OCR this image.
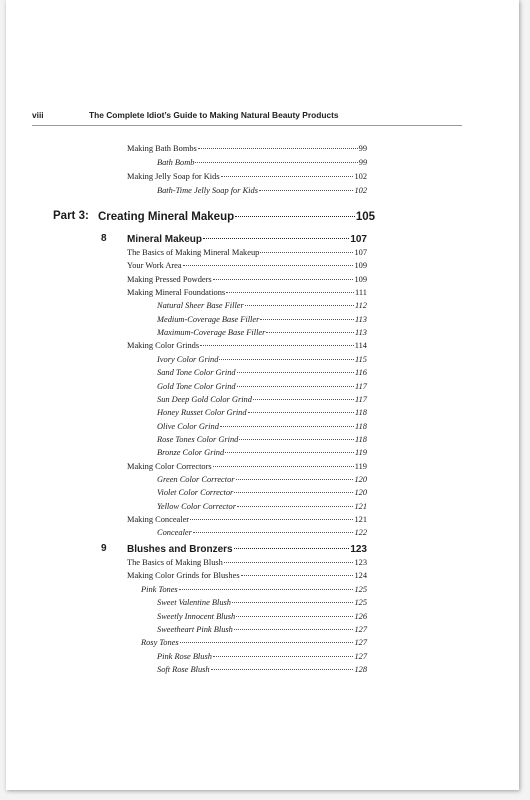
viii	The Complete Idiot’s Guide to Making Natural Beauty Products
Making Bath Bombs	99
Bath Bomb	99
Making Jelly Soap for Kids	102
Bath-Time Jelly Soap for Kids	102
Part 3: Creating Mineral Makeup	105
8 Mineral Makeup	107
The Basics of Making Mineral Makeup	107
Your Work Area	109
Making Pressed Powders	109
Making Mineral Foundations	111
Natural Sheer Base Filler	112
Medium-Coverage Base Filler	113
Maximum-Coverage Base Filler	113
Making Color Grinds	114
Ivory Color Grind	115
Sand Tone Color Grind	116
Gold Tone Color Grind	117
Sun Deep Gold Color Grind	117
Honey Russet Color Grind	118
Olive Color Grind	118
Rose Tones Color Grind	118
Bronze Color Grind	119
Making Color Correctors	119
Green Color Corrector	120
Violet Color Corrector	120
Yellow Color Corrector	121
Making Concealer	121
Concealer	122
9 Blushes and Bronzers	123
The Basics of Making Blush	123
Making Color Grinds for Blushes	124
Pink Tones	125
Sweet Valentine Blush	125
Sweetly Innocent Blush	126
Sweetheart Pink Blush	127
Rosy Tones	127
Pink Rose Blush	127
Soft Rose Blush	128
